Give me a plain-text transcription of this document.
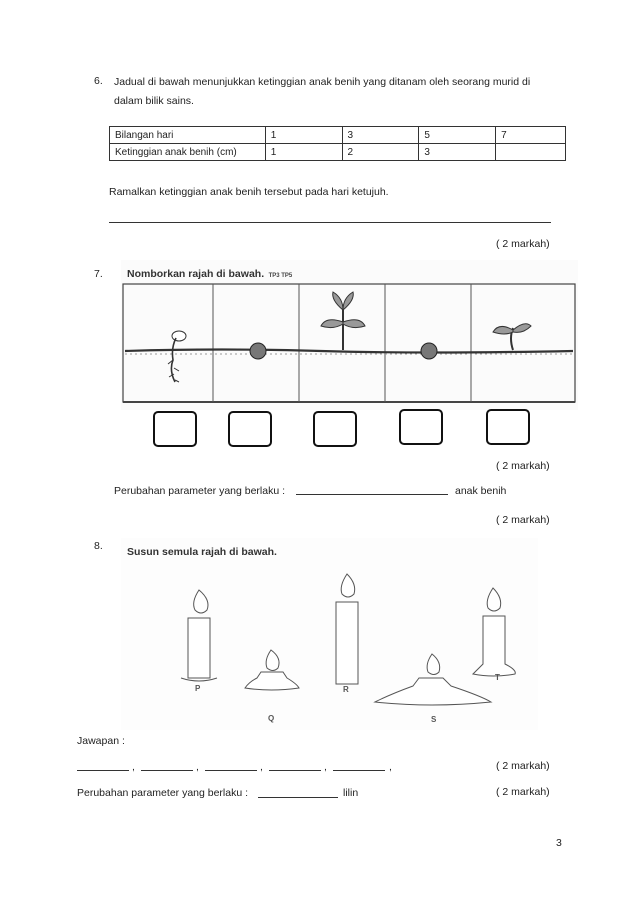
6. Jadual di bawah menunjukkan ketinggian anak benih yang ditanam oleh seorang murid di
dalam bilik sains.
Bilangan hari	1	3	5	7
Ketinggian anak benih (cm)	1	2	3	
Ramalkan ketinggian anak benih tersebut pada hari ketujuh.
( 2 markah)
7. Nomborkan rajah di bawah. TP3 TP5
( 2 markah)
Perubahan parameter yang berlaku :	anak benih
( 2 markah)
8. Susun semula rajah di bawah.
P
Q
R
S
T
Jawapan :
,	,	,	,	,	( 2 markah)
Perubahan parameter yang berlaku :	lilin	( 2 markah)
3
